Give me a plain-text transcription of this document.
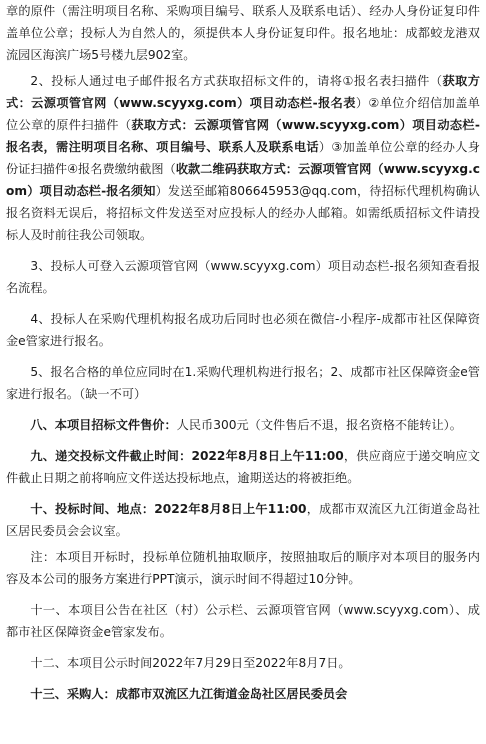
章的原件（需注明项目名称、采购项目编号、联系人及联系电话）、经办人身份证复印件盖单位公章；投标人为自然人的，须提供本人身份证复印件。报名地址：成都蛟龙港双流园区海滨广场5号楼九层902室。

2、投标人通过电子邮件报名方式获取招标文件的，请将①报名表扫描件（获取方式：云源项管官网（www.scyyxg.com）项目动态栏-报名表）②单位介绍信加盖单位公章的原件扫描件（获取方式：云源项管官网（www.scyyxg.com）项目动态栏-报名表，需注明项目名称、项目编号、联系人及联系电话）③加盖单位公章的经办人身份证扫描件④报名费缴纳截图（收款二维码获取方式：云源项管官网（www.scyyxg.com）项目动态栏-报名须知）发送至邮箱806645953@qq.com，待招标代理机构确认报名资料无误后，将招标文件发送至对应投标人的经办人邮箱。如需纸质招标文件请投标人及时前往我公司领取。

3、投标人可登入云源项管官网（www.scyyxg.com）项目动态栏-报名须知查看报名流程。

4、投标人在采购代理机构报名成功后同时也必须在微信-小程序-成都市社区保障资金e管家进行报名。

5、报名合格的单位应同时在1.采购代理机构进行报名；2、成都市社区保障资金e管家进行报名。（缺一不可）

八、本项目招标文件售价：人民币300元（文件售后不退，报名资格不能转让）。

九、递交投标文件截止时间：2022年8月8日上午11:00，供应商应于递交响应文件截止日期之前将响应文件送达投标地点，逾期送达的将被拒绝。

十、投标时间、地点：2022年8月8日上午11:00，成都市双流区九江街道金岛社区居民委员会会议室。

注：本项目开标时，投标单位随机抽取顺序，按照抽取后的顺序对本项目的服务内容及本公司的服务方案进行PPT演示，演示时间不得超过10分钟。

十一、本项目公告在社区（村）公示栏、云源项管官网（www.scyyxg.com）、成都市社区保障资金e管家发布。

十二、本项目公示时间2022年7月29日至2022年8月7日。

十三、采购人：成都市双流区九江街道金岛社区居民委员会
